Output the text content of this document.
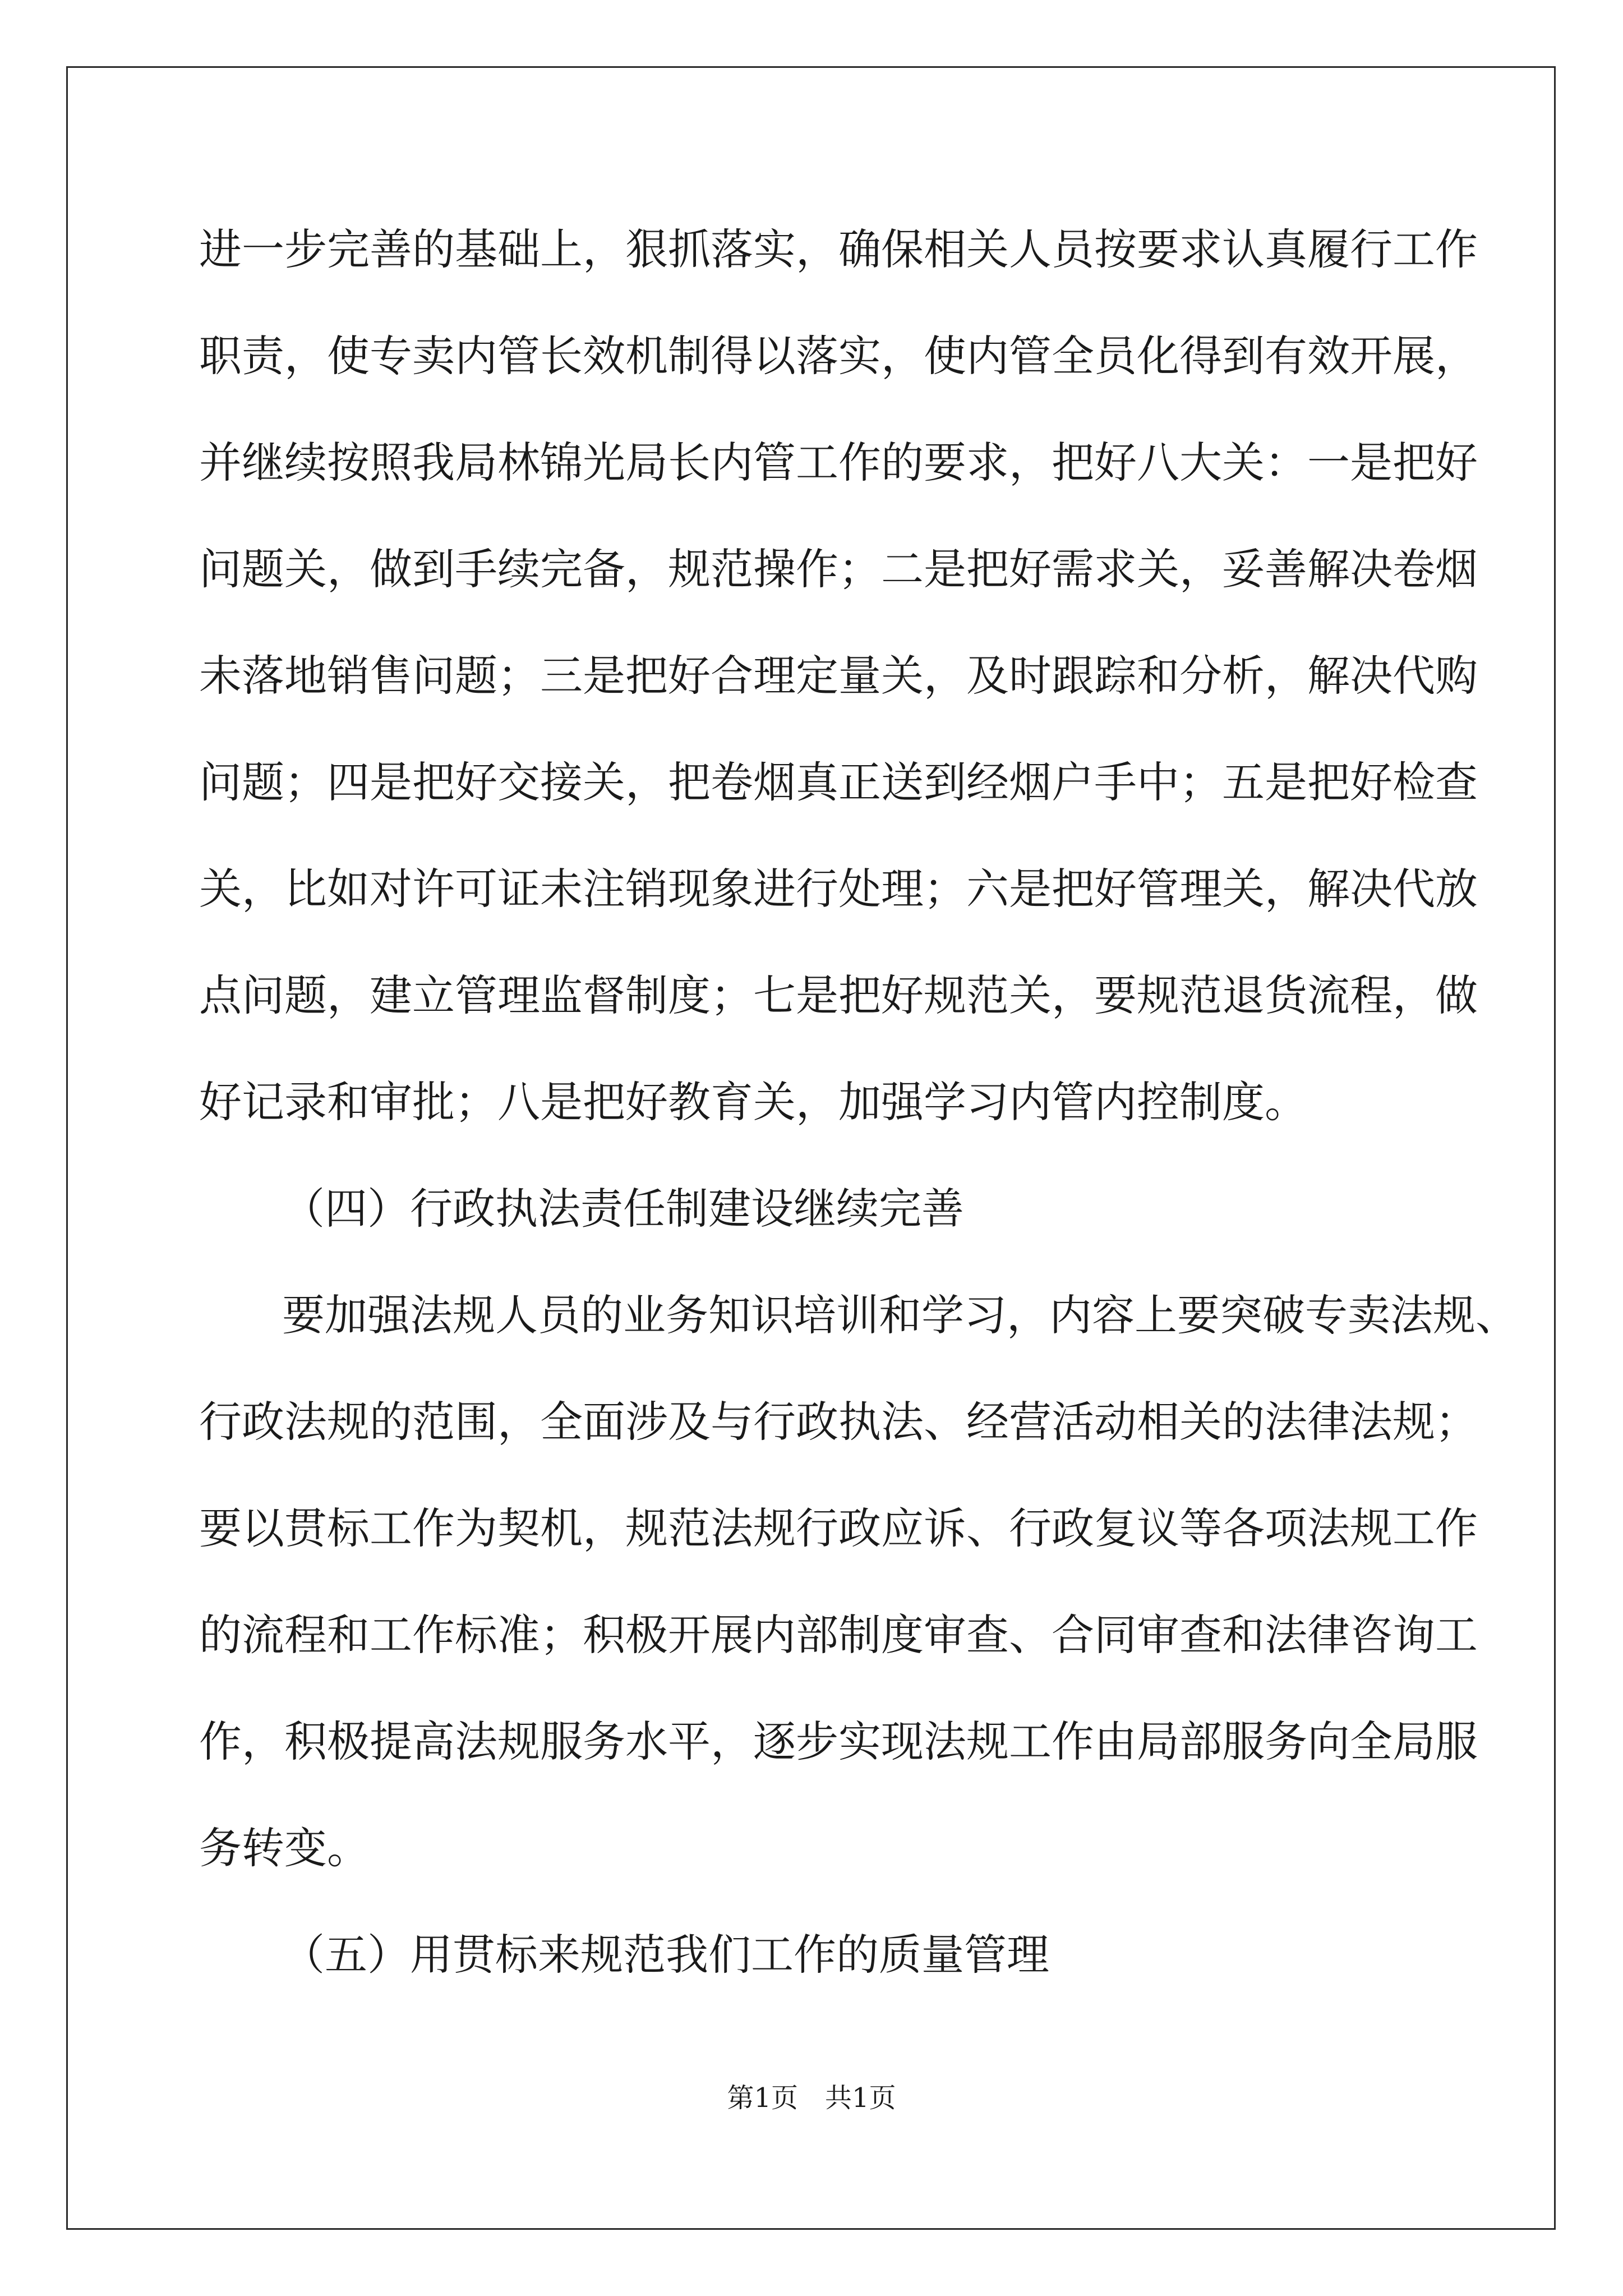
进一步完善的基础上，狠抓落实，确保相关人员按要求认真履行工作
职责，使专卖内管长效机制得以落实，使内管全员化得到有效开展，
并继续按照我局林锦光局长内管工作的要求，把好八大关：一是把好
问题关，做到手续完备，规范操作；二是把好需求关，妥善解决卷烟
未落地销售问题；三是把好合理定量关，及时跟踪和分析，解决代购
问题；四是把好交接关，把卷烟真正送到经烟户手中；五是把好检查
关，比如对许可证未注销现象进行处理；六是把好管理关，解决代放
点问题，建立管理监督制度；七是把好规范关，要规范退货流程，做
好记录和审批；八是把好教育关，加强学习内管内控制度。
（四）行政执法责任制建设继续完善
要加强法规人员的业务知识培训和学习，内容上要突破专卖法规、
行政法规的范围，全面涉及与行政执法、经营活动相关的法律法规；
要以贯标工作为契机，规范法规行政应诉、行政复议等各项法规工作
的流程和工作标准；积极开展内部制度审查、合同审查和法律咨询工
作，积极提高法规服务水平，逐步实现法规工作由局部服务向全局服
务转变。
（五）用贯标来规范我们工作的质量管理
第1页　共1页
